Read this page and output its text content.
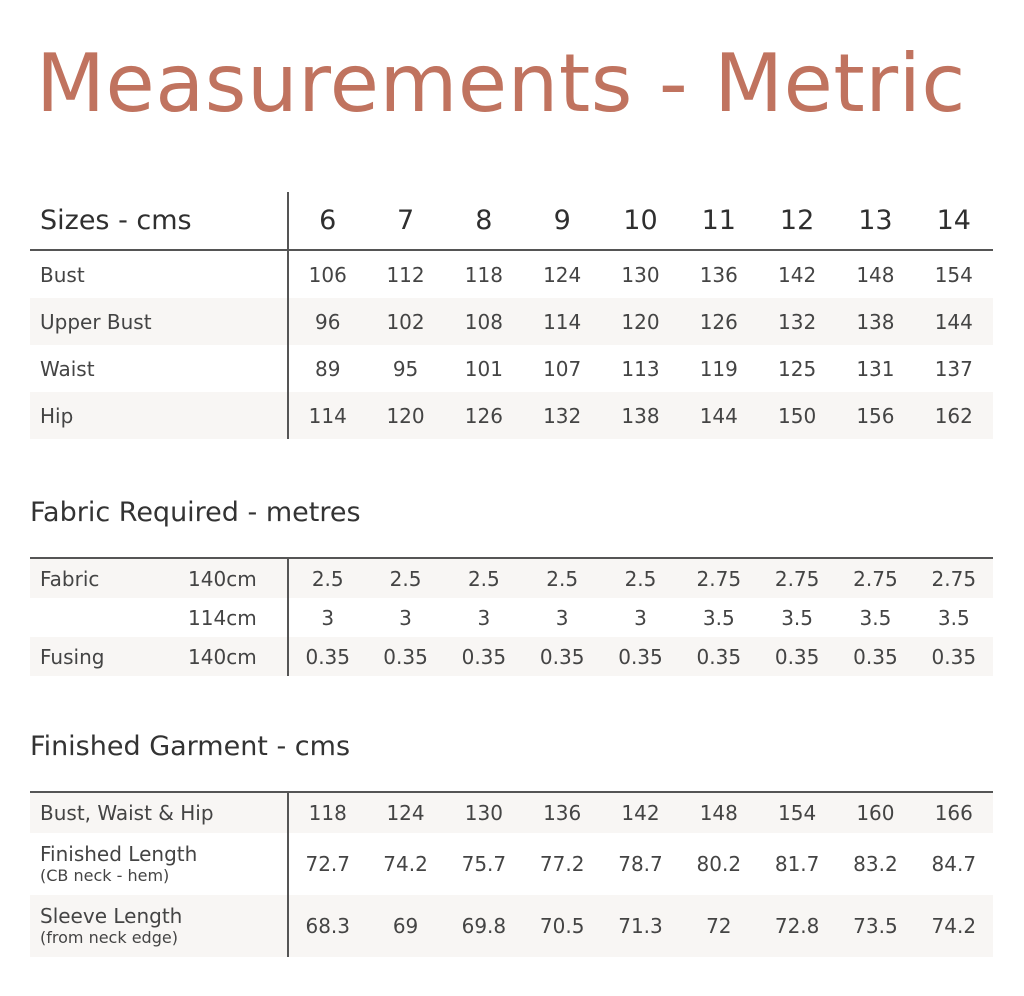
Measurements - Metric
Sizes - cms	6	7	8	9	10	11	12	13	14
Bust	106	112	118	124	130	136	142	148	154
Upper Bust	96	102	108	114	120	126	132	138	144
Waist	89	95	101	107	113	119	125	131	137
Hip	114	120	126	132	138	144	150	156	162
Fabric Required - metres
Fabric	140cm	2.5	2.5	2.5	2.5	2.5	2.75	2.75	2.75	2.75
	114cm	3	3	3	3	3	3.5	3.5	3.5	3.5
Fusing	140cm	0.35	0.35	0.35	0.35	0.35	0.35	0.35	0.35	0.35
Finished Garment - cms
Bust, Waist & Hip	118	124	130	136	142	148	154	160	166

Finished Length
(CB neck - hem)	72.7	74.2	75.7	77.2	78.7	80.2	81.7	83.2	84.7

Sleeve Length
(from neck edge)	68.3	69	69.8	70.5	71.3	72	72.8	73.5	74.2
